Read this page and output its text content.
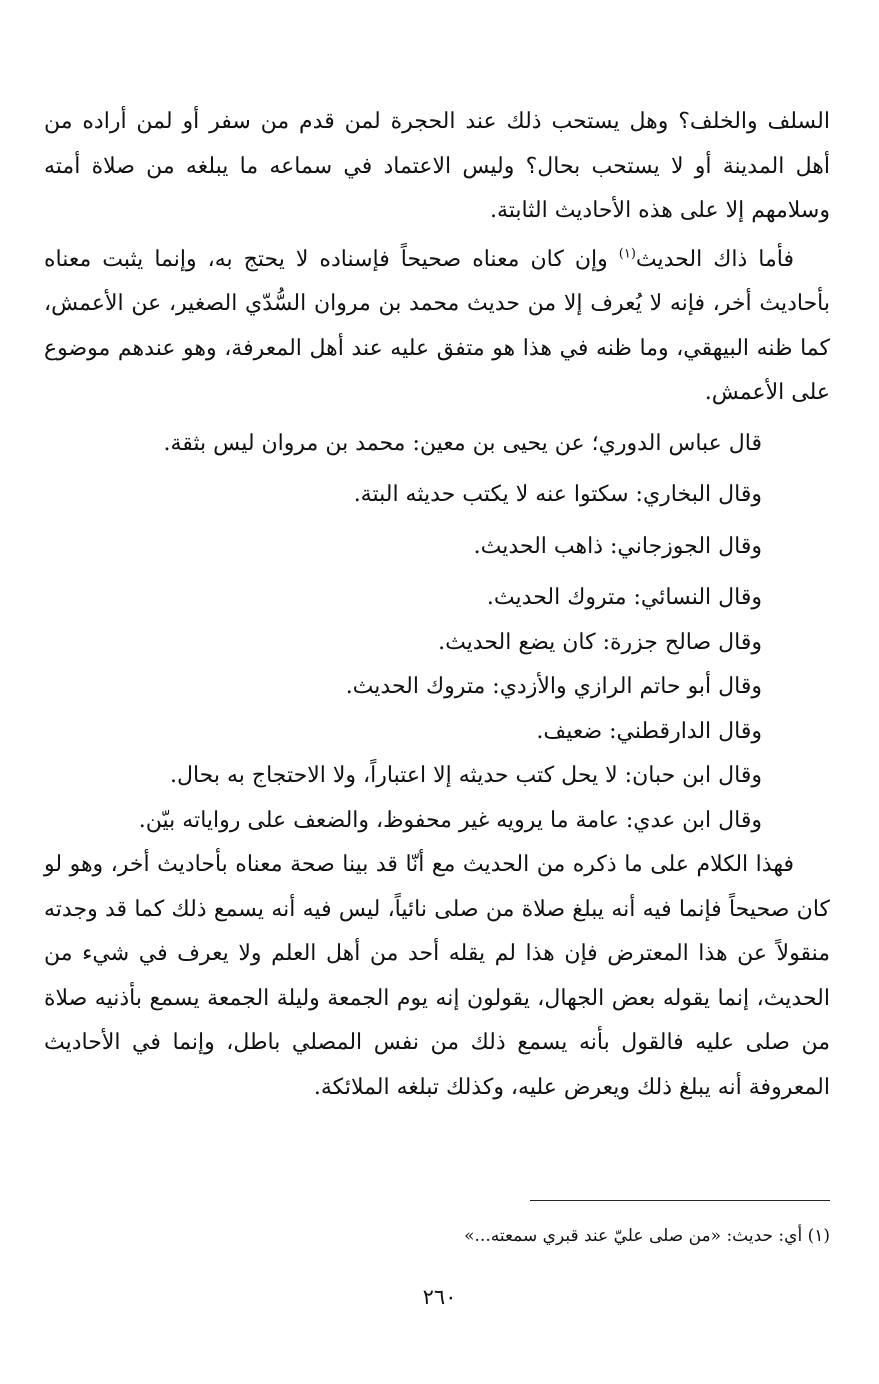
السلف والخلف؟ وهل يستحب ذلك عند الحجرة لمن قدم من سفر أو لمن أراده من أهل المدينة أو لا يستحب بحال؟ وليس الاعتماد في سماعه ما يبلغه من صلاة أمته وسلامهم إلا على هذه الأحاديث الثابتة.

فأما ذاك الحديث$^{(١)}$ وإن كان معناه صحيحاً فإسناده لا يحتج به، وإنما يثبت معناه بأحاديث أخر، فإنه لا يُعرف إلا من حديث محمد بن مروان السُّدّي الصغير، عن الأعمش، كما ظنه البيهقي، وما ظنه في هذا هو متفق عليه عند أهل المعرفة، وهو عندهم موضوع على الأعمش.

قال عباس الدوري؛ عن يحيى بن معين: محمد بن مروان ليس بثقة.

وقال البخاري: سكتوا عنه لا يكتب حديثه البتة.

وقال الجوزجاني: ذاهب الحديث.

وقال النسائي: متروك الحديث.

وقال صالح جزرة: كان يضع الحديث.

وقال أبو حاتم الرازي والأزدي: متروك الحديث.

وقال الدارقطني: ضعيف.

وقال ابن حبان: لا يحل كتب حديثه إلا اعتباراً، ولا الاحتجاج به بحال.

وقال ابن عدي: عامة ما يرويه غير محفوظ، والضعف على رواياته بيّن.

فهذا الكلام على ما ذكره من الحديث مع أنّا قد بينا صحة معناه بأحاديث أخر، وهو لو كان صحيحاً فإنما فيه أنه يبلغ صلاة من صلى نائياً، ليس فيه أنه يسمع ذلك كما قد وجدته منقولاً عن هذا المعترض فإن هذا لم يقله أحد من أهل العلم ولا يعرف في شيء من الحديث، إنما يقوله بعض الجهال، يقولون إنه يوم الجمعة وليلة الجمعة يسمع بأذنيه صلاة من صلى عليه فالقول بأنه يسمع ذلك من نفس المصلي باطل، وإنما في الأحاديث المعروفة أنه يبلغ ذلك ويعرض عليه، وكذلك تبلغه الملائكة.

(١) أي: حديث: «من صلى عليّ عند قبري سمعته...»
٢٦٠
